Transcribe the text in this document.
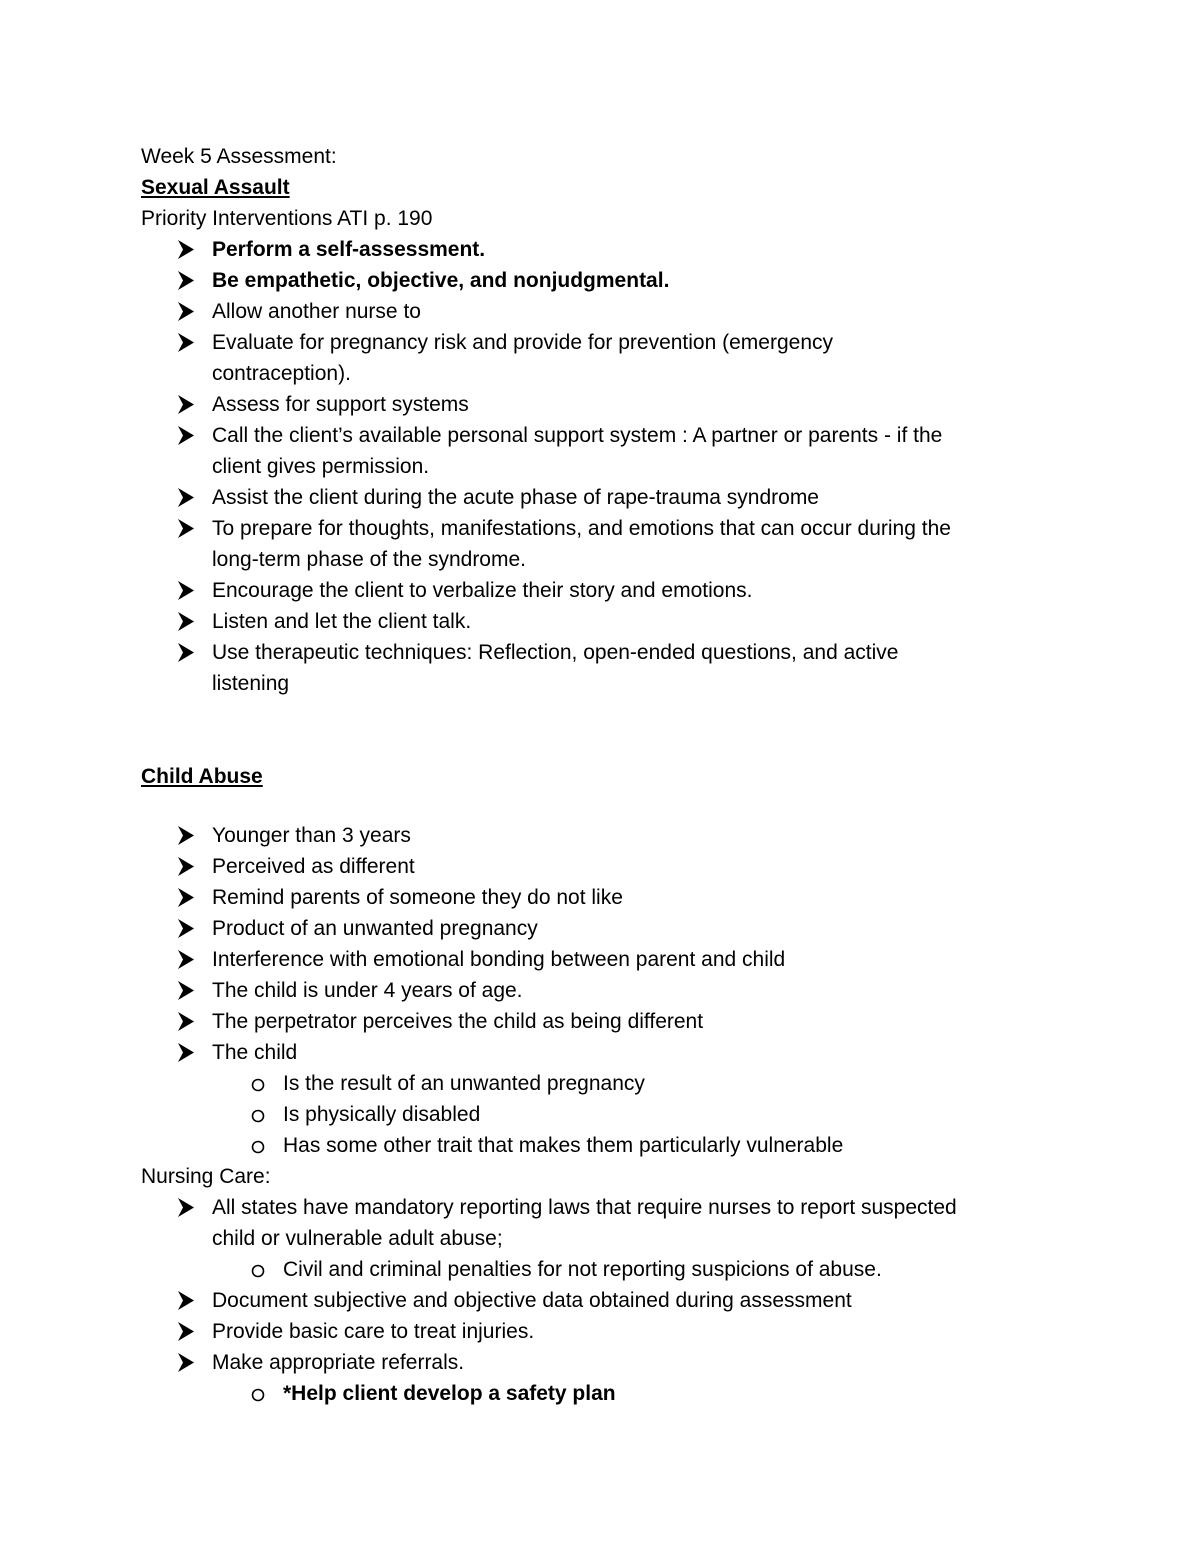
Week 5 Assessment:
Sexual Assault
Priority Interventions ATI p. 190
Perform a self-assessment.
Be empathetic, objective, and nonjudgmental.
Allow another nurse to
Evaluate for pregnancy risk and provide for prevention (emergency
contraception).
Assess for support systems
Call the client’s available personal support system : A partner or parents - if the
client gives permission.
Assist the client during the acute phase of rape-trauma syndrome
To prepare for thoughts, manifestations, and emotions that can occur during the
long-term phase of the syndrome.
Encourage the client to verbalize their story and emotions.
Listen and let the client talk.
Use therapeutic techniques: Reflection, open-ended questions, and active
listening
Child Abuse
Younger than 3 years
Perceived as different
Remind parents of someone they do not like
Product of an unwanted pregnancy
Interference with emotional bonding between parent and child
The child is under 4 years of age.
The perpetrator perceives the child as being different
The child
Is the result of an unwanted pregnancy
Is physically disabled
Has some other trait that makes them particularly vulnerable
Nursing Care:
All states have mandatory reporting laws that require nurses to report suspected
child or vulnerable adult abuse;
Civil and criminal penalties for not reporting suspicions of abuse.
Document subjective and objective data obtained during assessment
Provide basic care to treat injuries.
Make appropriate referrals.
*Help client develop a safety plan
